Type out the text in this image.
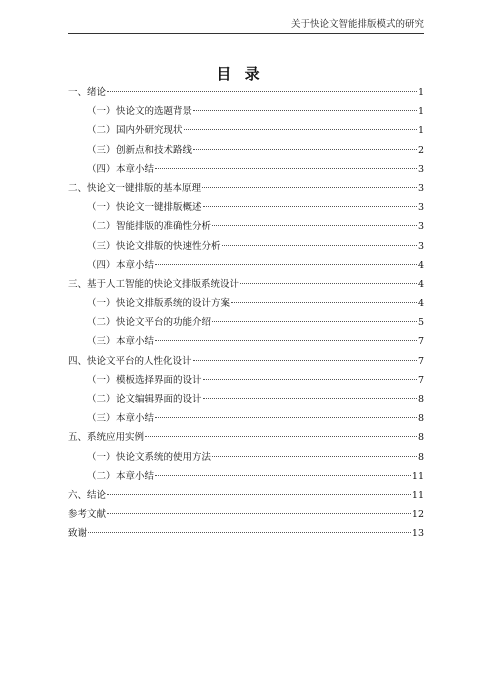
关于快论文智能排版模式的研究
目 录
一、绪论	1
（一） 快论文的选题背景	1
（二） 国内外研究现状	1
（三） 创新点和技术路线	2
（四） 本章小结	3
二、快论文一键排版的基本原理	3
（一） 快论文一键排版概述	3
（二） 智能排版的准确性分析	3
（三） 快论文排版的快速性分析	3
（四） 本章小结	4
三、基于人工智能的快论文排版系统设计	4
（一） 快论文排版系统的设计方案	4
（二） 快论文平台的功能介绍	5
（三） 本章小结	7
四、快论文平台的人性化设计	7
（一） 模板选择界面的设计	7
（二） 论文编辑界面的设计	8
（三） 本章小结	8
五、系统应用实例	8
（一） 快论文系统的使用方法	8
（二） 本章小结	11
六、结论	11
参考文献	12
致谢	13
